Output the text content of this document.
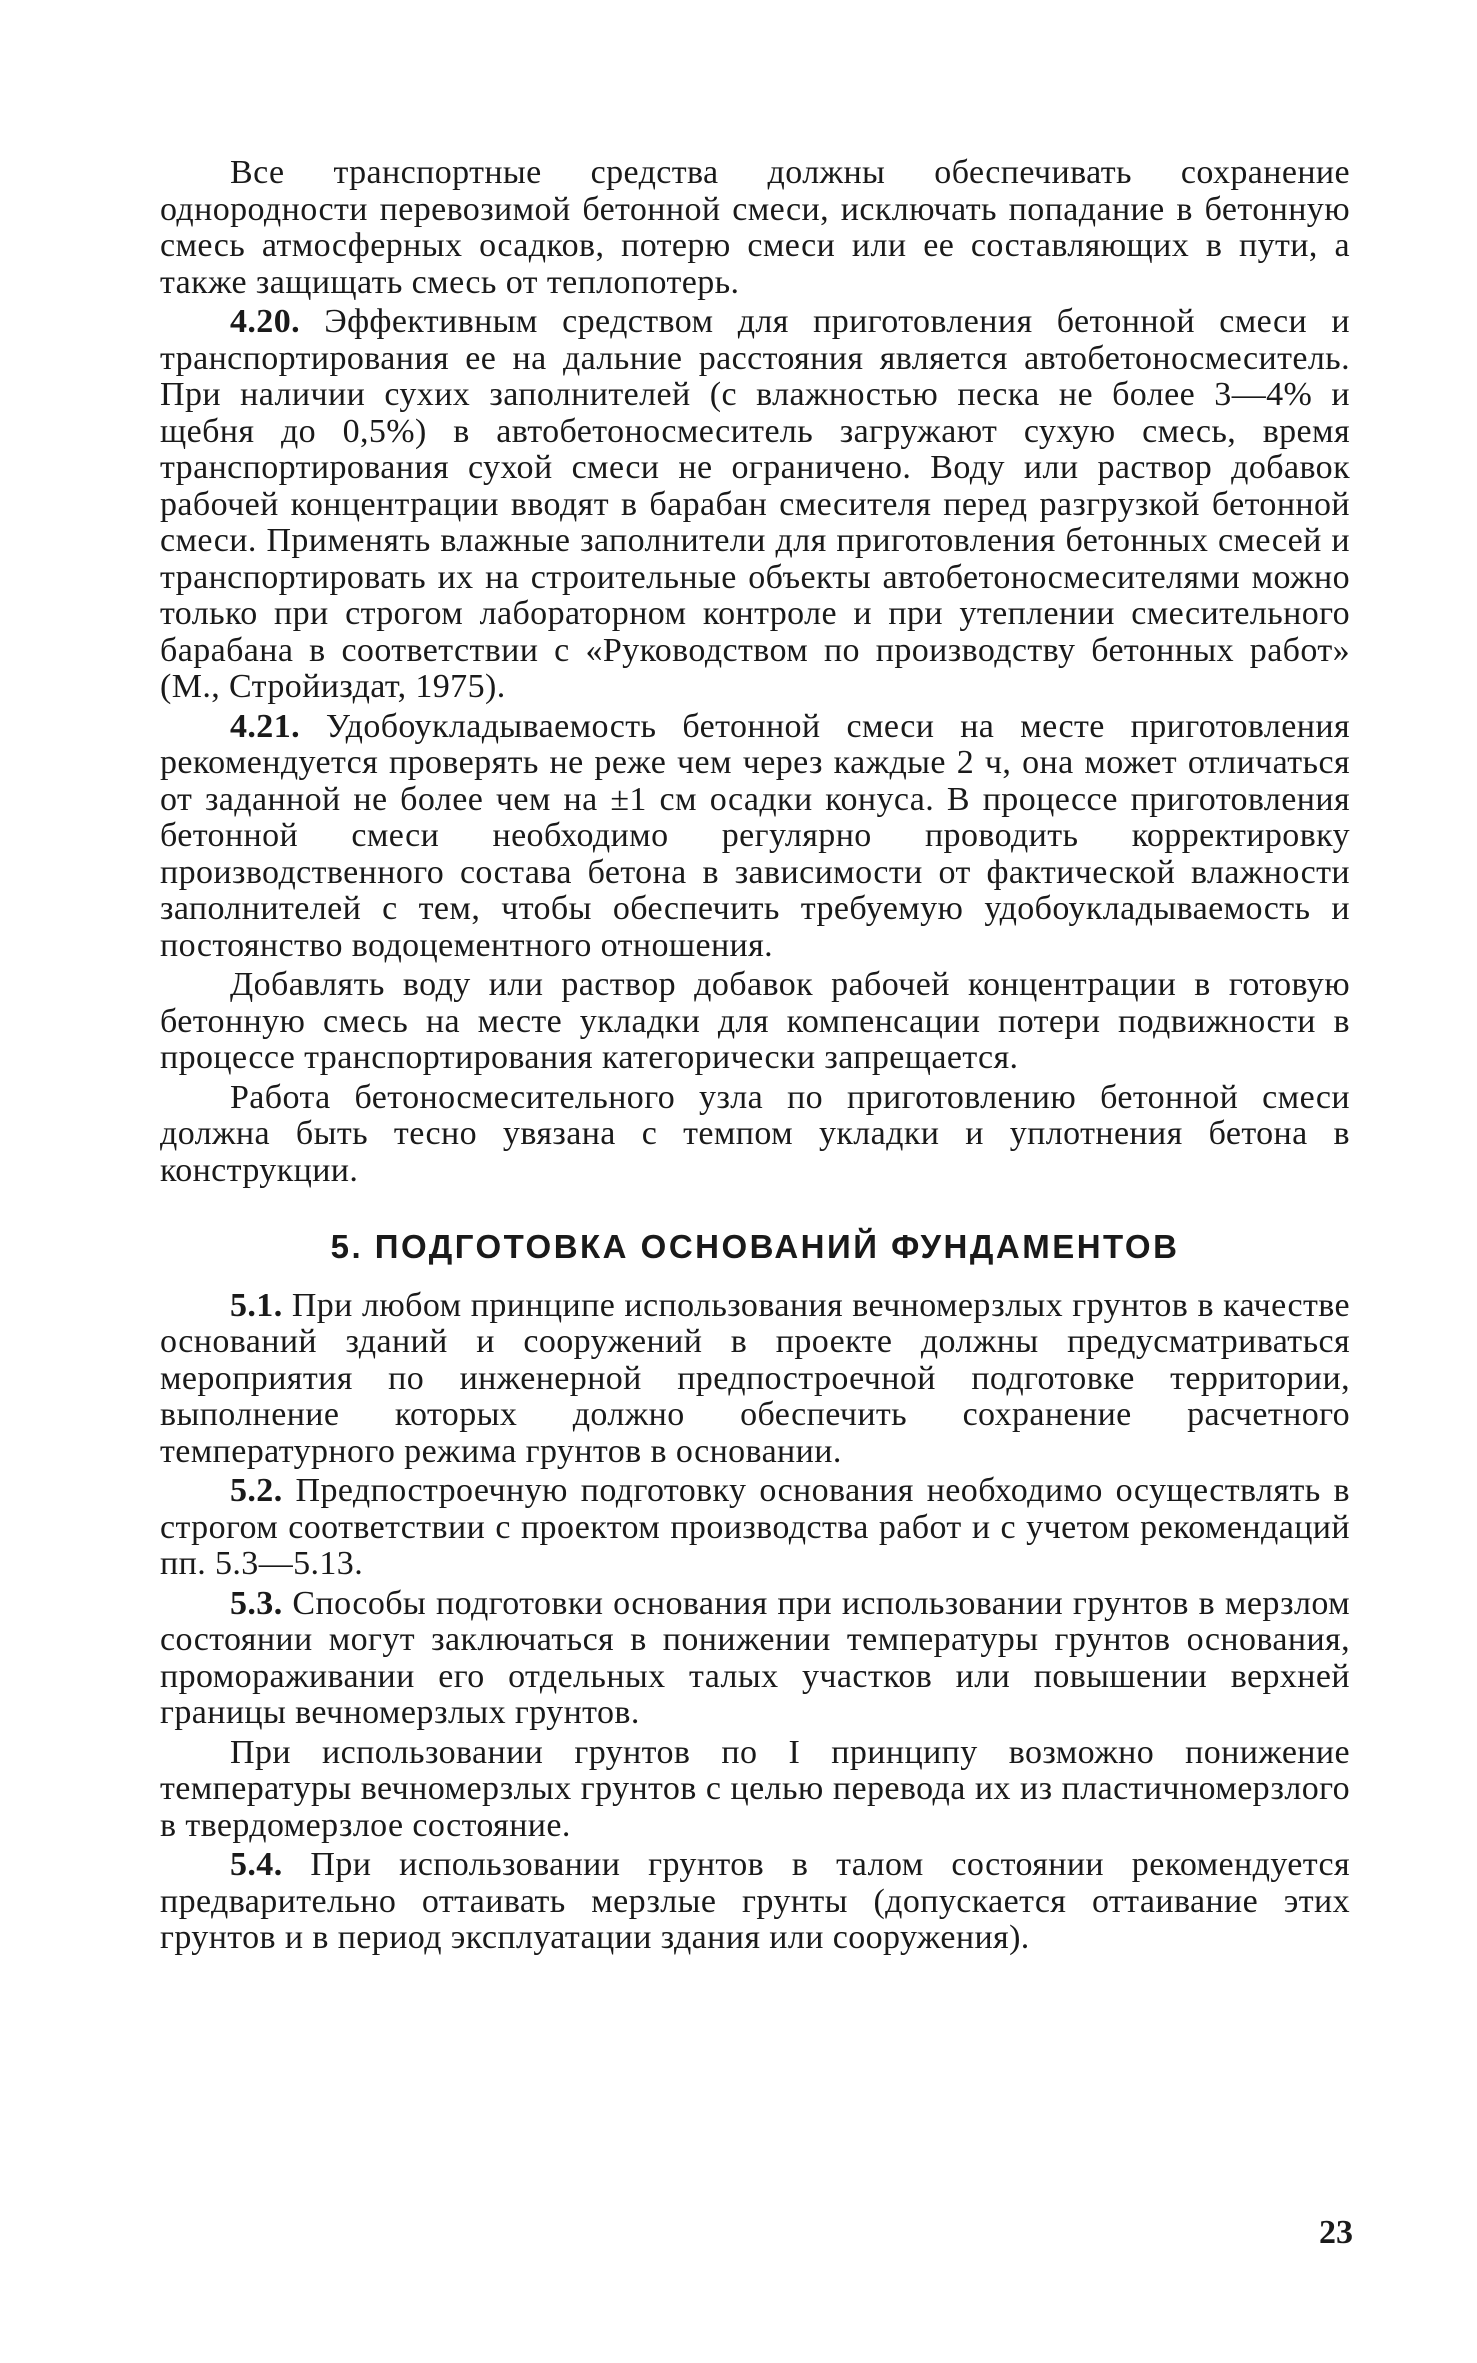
Все транспортные средства должны обеспечивать сохранение однородности перевозимой бетонной смеси, исключать попадание в бетонную смесь атмосферных осадков, потерю смеси или ее составляющих в пути, а также защищать смесь от теплопотерь.

4.20. Эффективным средством для приготовления бетонной смеси и транспортирования ее на дальние расстояния является автобетоносмеситель. При наличии сухих заполнителей (с влажностью песка не более 3—4% и щебня до 0,5%) в автобетоносмеситель загружают сухую смесь, время транспортирования сухой смеси не ограничено. Воду или раствор добавок рабочей концентрации вводят в барабан смесителя перед разгрузкой бетонной смеси. Применять влажные заполнители для приготовления бетонных смесей и транспортировать их на строительные объекты автобетоносмесителями можно только при строгом лабораторном контроле и при утеплении смесительного барабана в соответствии с «Руководством по производству бетонных работ» (М., Стройиздат, 1975).

4.21. Удобоукладываемость бетонной смеси на месте приготовления рекомендуется проверять не реже чем через каждые 2 ч, она может отличаться от заданной не более чем на ±1 см осадки конуса. В процессе приготовления бетонной смеси необходимо регулярно проводить корректировку производственного состава бетона в зависимости от фактической влажности заполнителей с тем, чтобы обеспечить требуемую удобоукладываемость и постоянство водоцементного отношения.

Добавлять воду или раствор добавок рабочей концентрации в готовую бетонную смесь на месте укладки для компенсации потери подвижности в процессе транспортирования категорически запрещается.

Работа бетоносмесительного узла по приготовлению бетонной смеси должна быть тесно увязана с темпом укладки и уплотнения бетона в конструкции.

5. ПОДГОТОВКА ОСНОВАНИЙ ФУНДАМЕНТОВ

5.1. При любом принципе использования вечномерзлых грунтов в качестве оснований зданий и сооружений в проекте должны предусматриваться мероприятия по инженерной предпостроечной подготовке территории, выполнение которых должно обеспечить сохранение расчетного температурного режима грунтов в основании.

5.2. Предпостроечную подготовку основания необходимо осуществлять в строгом соответствии с проектом производства работ и с учетом рекомендаций пп. 5.3—5.13.

5.3. Способы подготовки основания при использовании грунтов в мерзлом состоянии могут заключаться в понижении температуры грунтов основания, промораживании его отдельных талых участков или повышении верхней границы вечномерзлых грунтов.

При использовании грунтов по I принципу возможно понижение температуры вечномерзлых грунтов с целью перевода их из пластичномерзлого в твердомерзлое состояние.

5.4. При использовании грунтов в талом состоянии рекомендуется предварительно оттаивать мерзлые грунты (допускается оттаивание этих грунтов и в период эксплуатации здания или сооружения).

23
